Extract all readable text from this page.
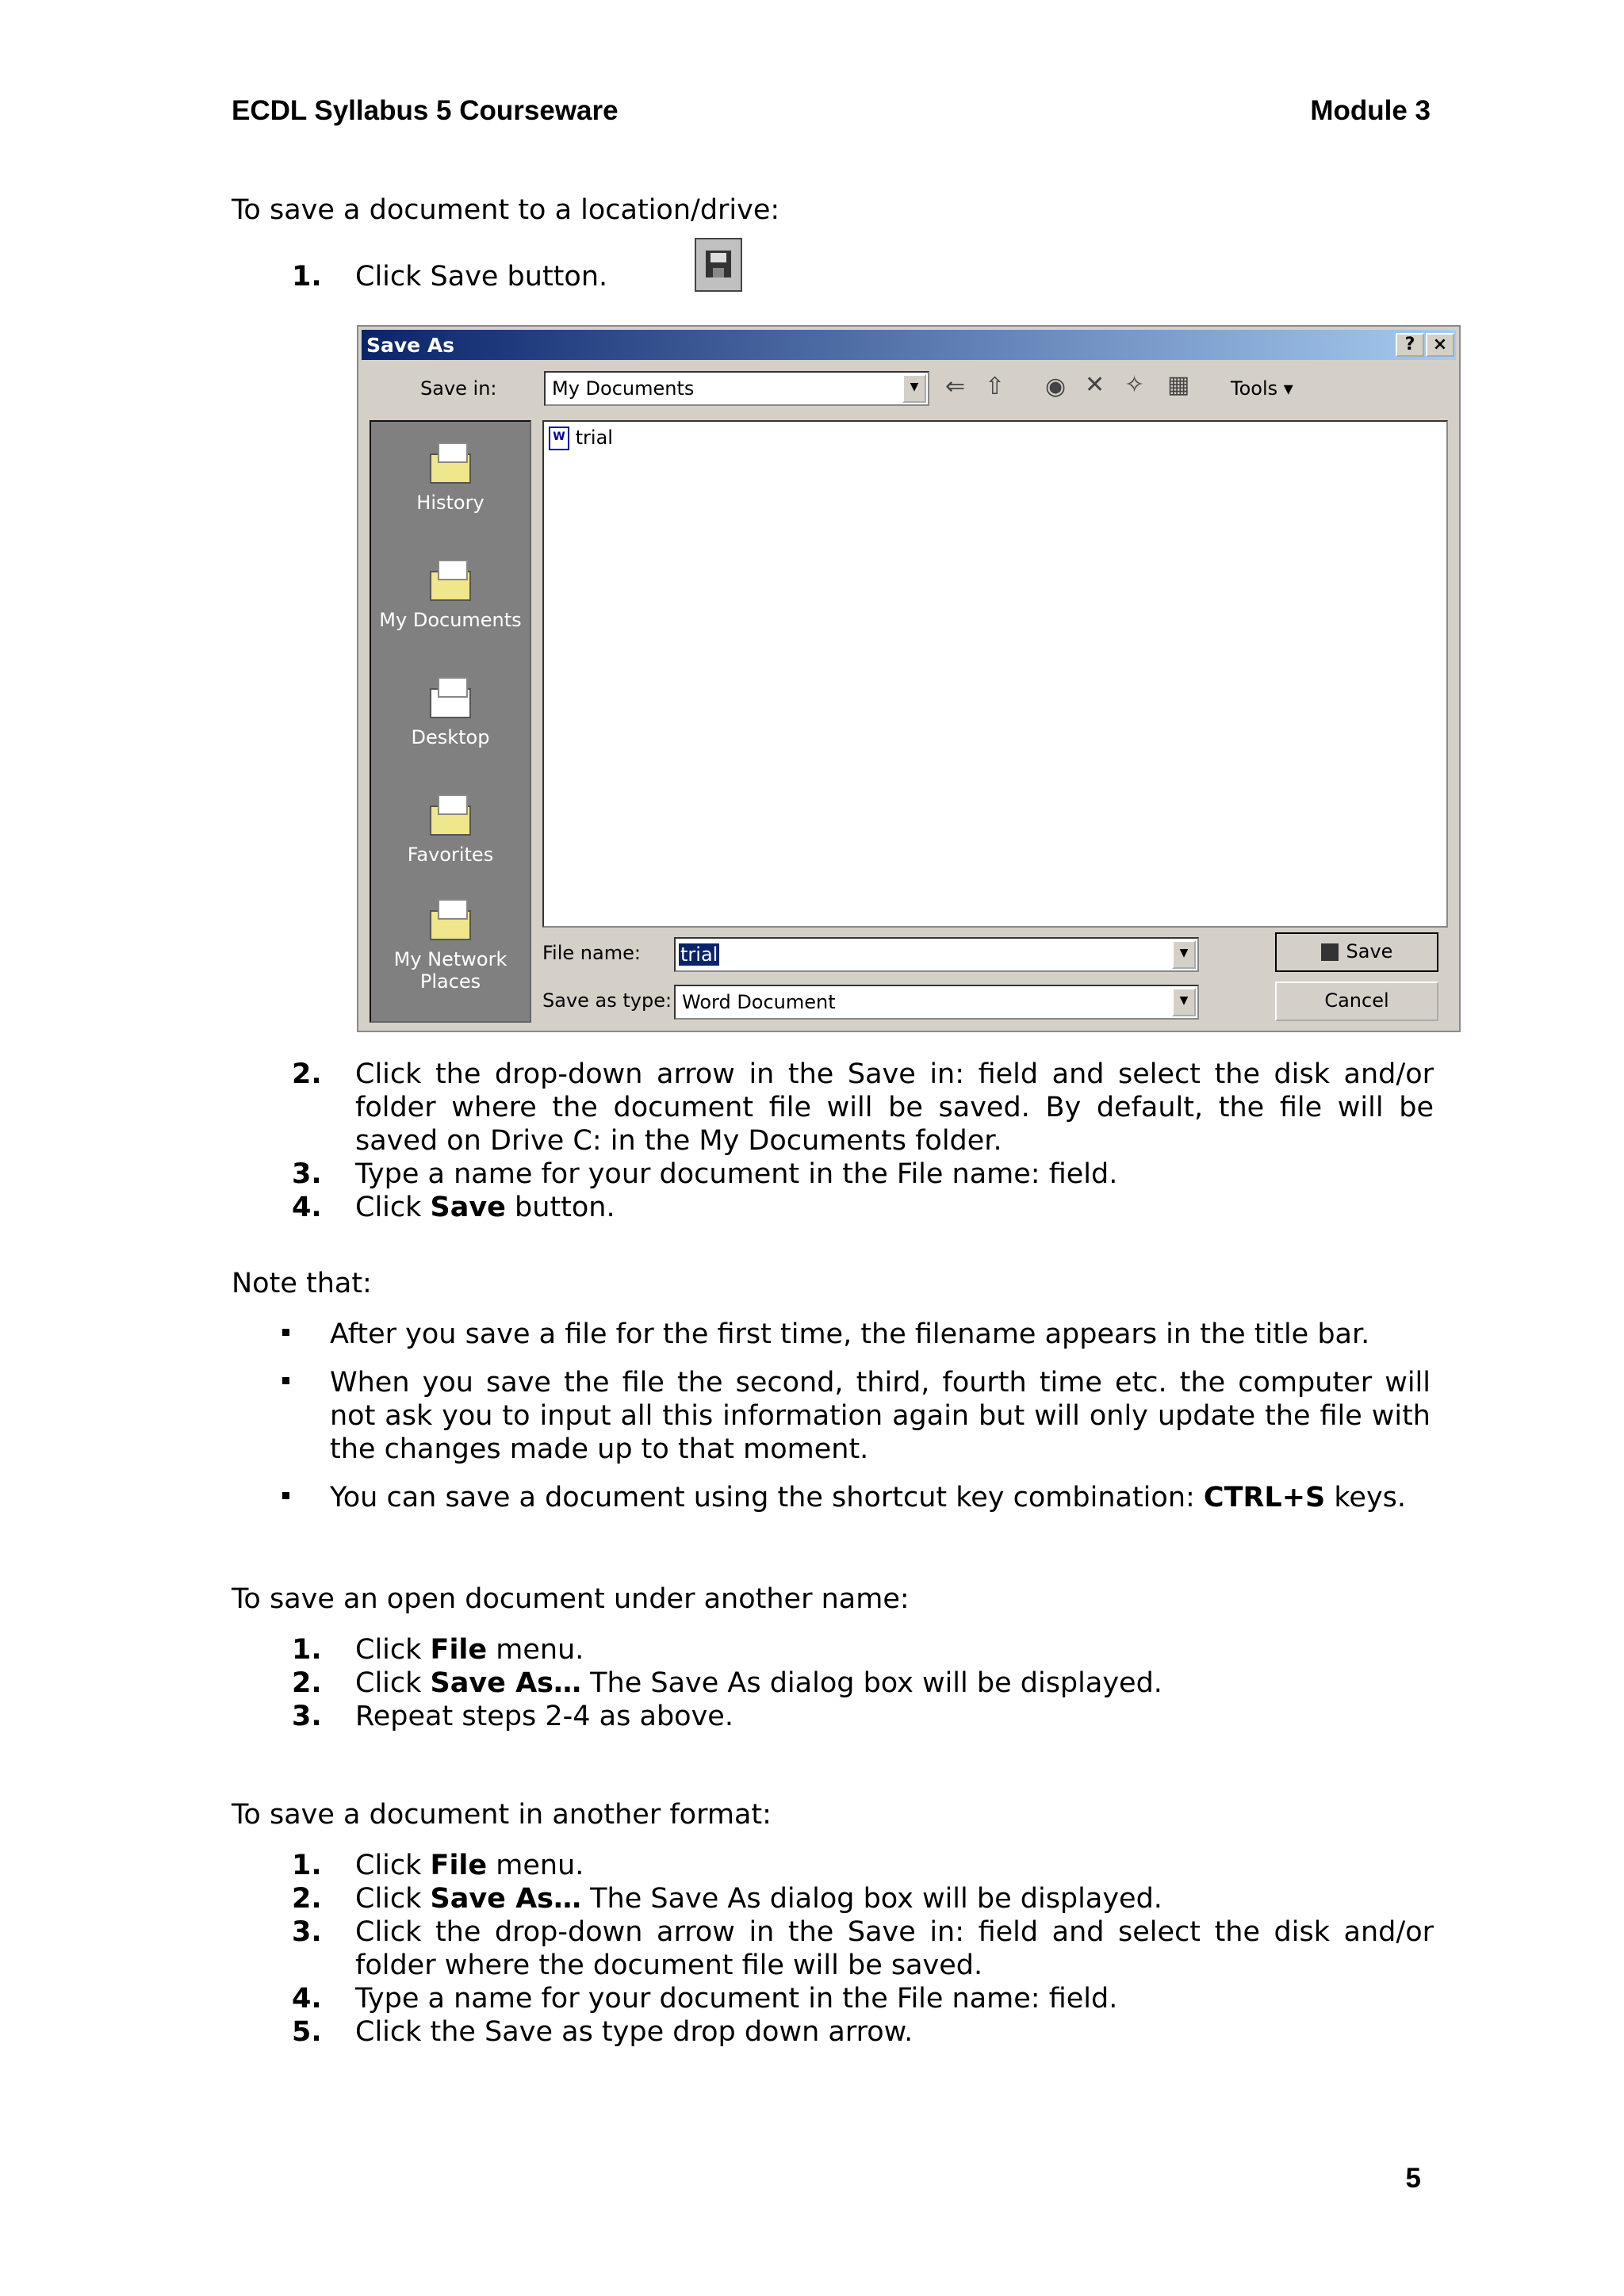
ECDL Syllabus 5 Courseware	Module 3
To save a document to a location/drive:
1. Click Save button.
Save As	?	×
Save in:	My Documents	▼	⇐ ⇧ ◉ ✕ ✧ ▦ Tools ▾
History
My Documents
Desktop
Favorites
My Network Places
W trial
File name: trial	▼
Save as type: Word Document	▼
Save
Cancel
2. Click the drop-down arrow in the Save in: field and select the disk and/or folder where the document file will be saved. By default, the file will be saved on Drive C: in the My Documents folder.
3. Type a name for your document in the File name: field.
4. Click Save button.
Note that:
After you save a file for the first time, the filename appears in the title bar.
When you save the file the second, third, fourth time etc. the computer will not ask you to input all this information again but will only update the file with the changes made up to that moment.
You can save a document using the shortcut key combination: CTRL+S keys.
To save an open document under another name:
1. Click File menu.
2. Click Save As… The Save As dialog box will be displayed.
3. Repeat steps 2-4 as above.
To save a document in another format:
1. Click File menu.
2. Click Save As… The Save As dialog box will be displayed.
3. Click the drop-down arrow in the Save in: field and select the disk and/or folder where the document file will be saved.
4. Type a name for your document in the File name: field.
5. Click the Save as type drop down arrow.
5
